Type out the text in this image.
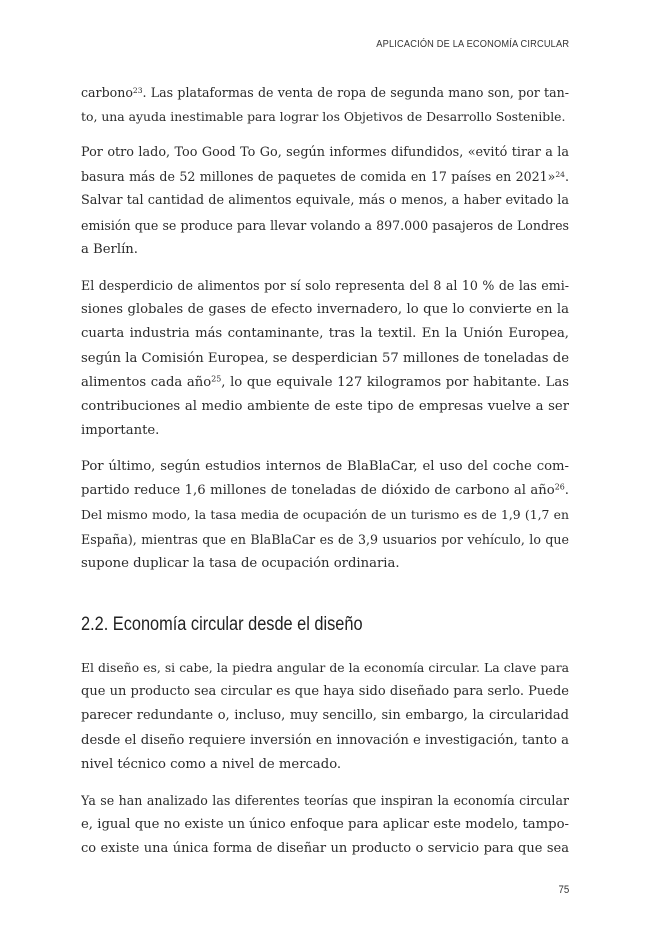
APLICACIÓN DE LA ECONOMÍA CIRCULAR
carbono$^{23}$. Las plataformas de venta de ropa de segunda mano son, por tan-
to, una ayuda inestimable para lograr los Objetivos de Desarrollo Sostenible.
Por otro lado, Too Good To Go, según informes difundidos, «evitó tirar a la
basura más de 52 millones de paquetes de comida en 17 países en 2021»$^{24}$.
Salvar tal cantidad de alimentos equivale, más o menos, a haber evitado la
emisión que se produce para llevar volando a 897.000 pasajeros de Londres
a Berlín.
El desperdicio de alimentos por sí solo representa del 8 al 10 % de las emi-
siones globales de gases de efecto invernadero, lo que lo convierte en la
cuarta industria más contaminante, tras la textil. En la Unión Europea,
según la Comisión Europea, se desperdician 57 millones de toneladas de
alimentos cada año$^{25}$, lo que equivale 127 kilogramos por habitante. Las
contribuciones al medio ambiente de este tipo de empresas vuelve a ser
importante.
Por último, según estudios internos de BlaBlaCar, el uso del coche com-
partido reduce 1,6 millones de toneladas de dióxido de carbono al año$^{26}$.
Del mismo modo, la tasa media de ocupación de un turismo es de 1,9 (1,7 en
España), mientras que en BlaBlaCar es de 3,9 usuarios por vehículo, lo que
supone duplicar la tasa de ocupación ordinaria.
2.2. Economía circular desde el diseño
El diseño es, si cabe, la piedra angular de la economía circular. La clave para
que un producto sea circular es que haya sido diseñado para serlo. Puede
parecer redundante o, incluso, muy sencillo, sin embargo, la circularidad
desde el diseño requiere inversión en innovación e investigación, tanto a
nivel técnico como a nivel de mercado.
Ya se han analizado las diferentes teorías que inspiran la economía circular
e, igual que no existe un único enfoque para aplicar este modelo, tampo-
co existe una única forma de diseñar un producto o servicio para que sea
75
